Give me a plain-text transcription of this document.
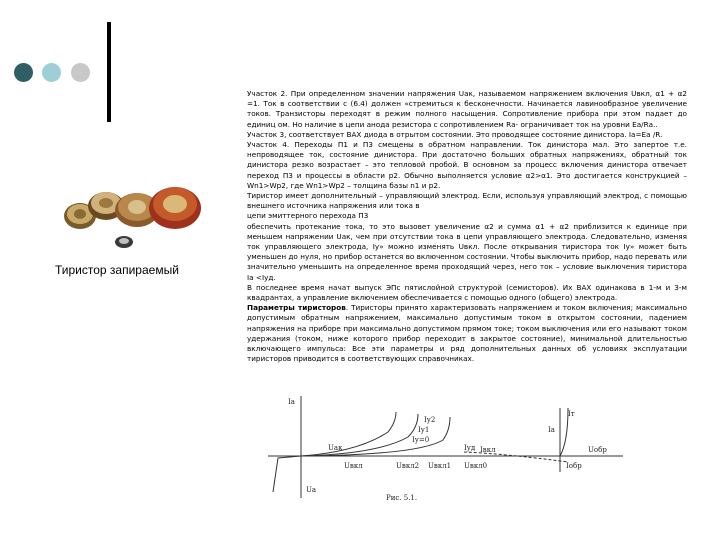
Тиристор запираемый

Участок 2. При определенном значении напряжения Uак, называемом напряжением включения Uвкл, α1 + α2 =1. Ток в соответствии с (6.4) должен «стремиться к бесконечности. Начинается лавинообразное увеличение токов. Транзисторы переходят в режим полного насыщения. Сопротивление прибора при этом падает до единиц ом. Но наличие в цепи анода резистора с сопротивлением Rа- ограничивает ток на уровни Eа/Rа..

Участок 3, соответствует ВАХ диода в отрытом состоянии. Это проводящее состояние динистора. Iа=Eа /R.

Участок 4. Переходы П1 и П3 смещены в обратном направлении. Ток динистора мал. Это запертое т.е. непроводящее ток, состояние динистора. При достаточно больших обратных напряжениях, обратный ток динистора резко возрастает – это тепловой пробой. В основном за процесс включения динистора отвечает переход П3 и процессы в области р2. Обычно выполняется условие α2>α1. Это достигается конструкцией – Wn1>Wp2, где Wn1>Wp2 – толщина базы n1 и р2.

Тиристор имеет дополнительный – управляющий электрод. Если, используя управляющий электрод, с помощью внешнего источника напряжения или тока в

цепи эмиттерного перехода П3

обеспечить протекание тока, то это вызовет увеличение α2 и сумма α1 + α2 приблизится к единице при меньшем напряжении Uак, чем при отсутствии тока в цепи управляющего электрода. Следовательно, изменяя ток управляющего электрода, Iу» можно изменять Uвкл. После открывания тиристора ток Iу» может быть уменьшен до нуля, но прибор останется во включенном состоянии. Чтобы выключить прибор, надо перевать или значительно уменьшить на определенное время проходящий через, него ток – условие выключения тиристора Iа <Iуд.

В последнее время начат выпуск ЭПс пятислойной структурой (семисторов). Их ВАХ одинакова в 1-м и 3-м квадрантах, а управление включением обеспечивается с помощью одного (общего) электрода.

Параметры тиристоров. Тиристоры принято характеризовать напряжением и током включения; максимально допустимым обратным напряжением, максимально допустимым током в открытом состоянии, падением напряжения на приборе при максимально допустимом прямом токе; током выключения или его называют током удержания (током, ниже которого прибор переходит в закрытое состояние), минимальной длительностью включающего импульса: Все эти параметры и ряд дополнительных данных об условиях эксплуатации тиристоров приводится в соответствующих справочниках.

Iа
Iа
Iт
Uак
Uа
Iу2
Iу1
Iу=0
Iуд
Uвкл	Uвкл2 Uвкл1 Uвкл0
Iвкл
Iобр
Uобр
Рис. 5.1.
